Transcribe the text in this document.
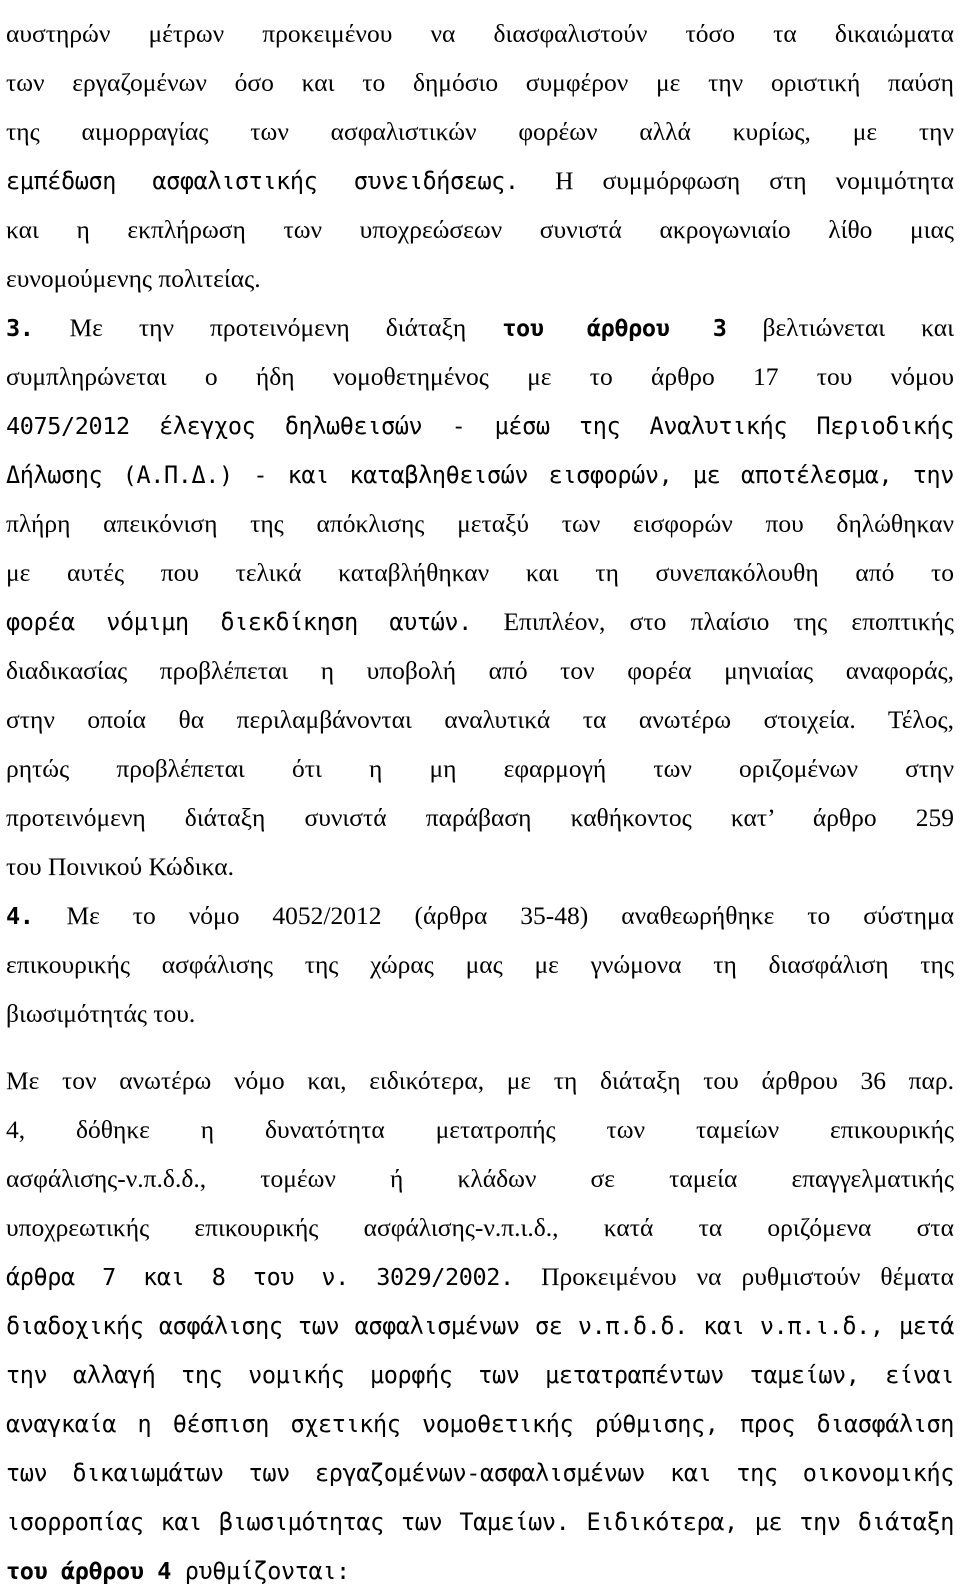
αυστηρών μέτρων προκειμένου να διασφαλιστούν τόσο τα δικαιώματα
των εργαζομένων όσο και το δημόσιο συμφέρον με την οριστική παύση
της αιμορραγίας των ασφαλιστικών φορέων αλλά κυρίως, με την
εμπέδωση ασφαλιστικής συνειδήσεως. Η συμμόρφωση στη νομιμότητα
και η εκπλήρωση των υποχρεώσεων συνιστά ακρογωνιαίο λίθο μιας
ευνομούμενης πολιτείας.
3. Με την προτεινόμενη διάταξη του άρθρου 3 βελτιώνεται και
συμπληρώνεται ο ήδη νομοθετημένος με το άρθρο 17 του νόμου
4075/2012 έλεγχος δηλωθεισών - μέσω της Αναλυτικής Περιοδικής
Δήλωσης (Α.Π.Δ.) - και καταβληθεισών εισφορών, με αποτέλεσμα, την
πλήρη απεικόνιση της απόκλισης μεταξύ των εισφορών που δηλώθηκαν
με αυτές που τελικά καταβλήθηκαν και τη συνεπακόλουθη από το
φορέα νόμιμη διεκδίκηση αυτών. Επιπλέον, στο πλαίσιο της εποπτικής
διαδικασίας προβλέπεται η υποβολή από τον φορέα μηνιαίας αναφοράς,
στην οποία θα περιλαμβάνονται αναλυτικά τα ανωτέρω στοιχεία. Τέλος,
ρητώς προβλέπεται ότι η μη εφαρμογή των οριζομένων στην
προτεινόμενη διάταξη συνιστά παράβαση καθήκοντος κατ’ άρθρο 259
του Ποινικού Κώδικα.
4. Με το νόμο 4052/2012 (άρθρα 35-48) αναθεωρήθηκε το σύστημα
επικουρικής ασφάλισης της χώρας μας με γνώμονα τη διασφάλιση της
βιωσιμότητάς του.
Με τον ανωτέρω νόμο και, ειδικότερα, με τη διάταξη του άρθρου 36 παρ.
4, δόθηκε η δυνατότητα μετατροπής των ταμείων επικουρικής
ασφάλισης-ν.π.δ.δ., τομέων ή κλάδων σε ταμεία επαγγελματικής
υποχρεωτικής επικουρικής ασφάλισης-ν.π.ι.δ., κατά τα οριζόμενα στα
άρθρα 7 και 8 του ν. 3029/2002. Προκειμένου να ρυθμιστούν θέματα
διαδοχικής ασφάλισης των ασφαλισμένων σε ν.π.δ.δ. και ν.π.ι.δ., μετά
την αλλαγή της νομικής μορφής των μετατραπέντων ταμείων, είναι
αναγκαία η θέσπιση σχετικής νομοθετικής ρύθμισης, προς διασφάλιση
των δικαιωμάτων των εργαζομένων-ασφαλισμένων και της οικονομικής
ισορροπίας και βιωσιμότητας των Ταμείων. Ειδικότερα, με την διάταξη
του άρθρου 4 ρυθμίζονται:
